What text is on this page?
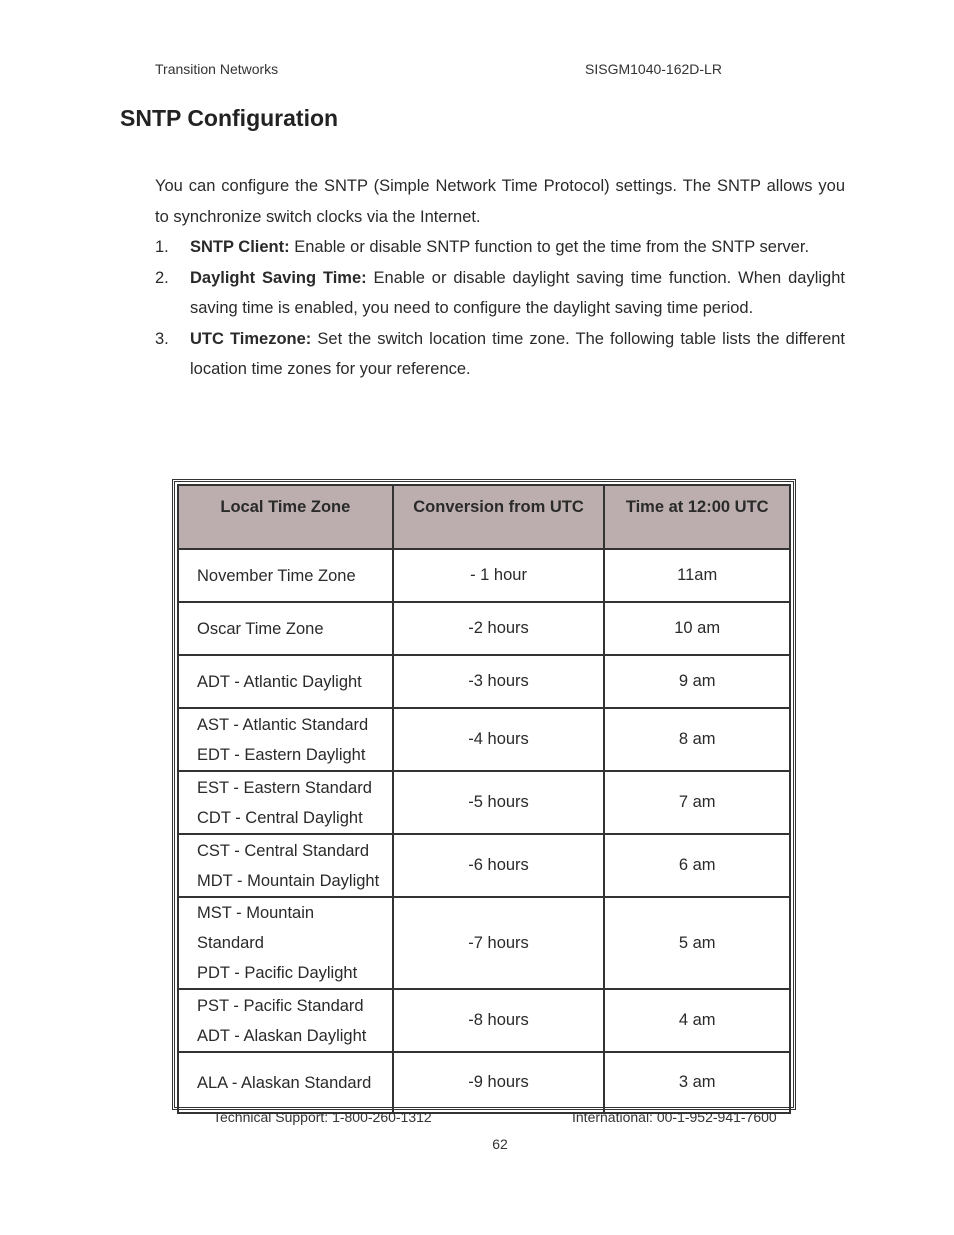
Transition Networks	SISGM1040-162D-LR
SNTP Configuration
You can configure the SNTP (Simple Network Time Protocol) settings. The SNTP allows you to synchronize switch clocks via the Internet.
1.	SNTP Client: Enable or disable SNTP function to get the time from the SNTP server.
2.	Daylight Saving Time: Enable or disable daylight saving time function. When daylight saving time is enabled, you need to configure the daylight saving time period.
3.	UTC Timezone: Set the switch location time zone. The following table lists the different location time zones for your reference.
Local Time Zone	Conversion from UTC	Time at 12:00 UTC

November Time Zone	- 1 hour	11am

Oscar Time Zone	-2 hours	10 am

ADT - Atlantic Daylight	-3 hours	9 am

AST - Atlantic Standard
EDT - Eastern Daylight	-4 hours	8 am

EST - Eastern Standard
CDT - Central Daylight	-5 hours	7 am

CST - Central Standard
MDT - Mountain Daylight	-6 hours	6 am

MST - Mountain Standard
PDT - Pacific Daylight	-7 hours	5 am

PST - Pacific Standard
ADT - Alaskan Daylight	-8 hours	4 am

ALA - Alaskan Standard	-9 hours	3 am
Technical Support: 1-800-260-1312	International: 00-1-952-941-7600
62
